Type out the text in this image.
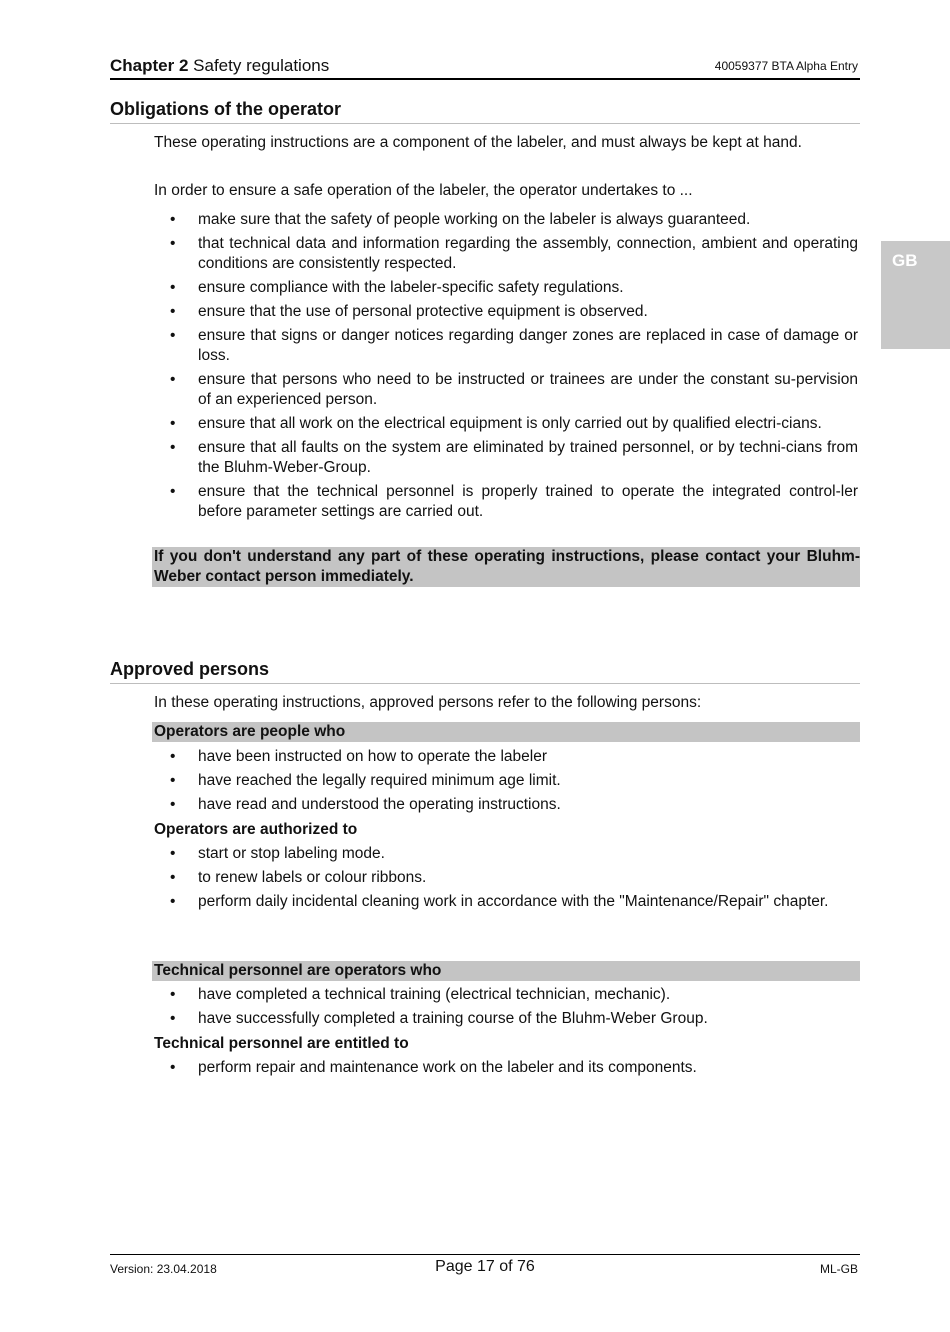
Chapter 2 Safety regulations	40059377 BTA Alpha Entry
GB
Obligations of the operator

These operating instructions are a component of the labeler, and must always be kept at hand.

In order to ensure a safe operation of the labeler, the operator undertakes to ...

• make sure that the safety of people working on the labeler is always guaranteed.
• that technical data and information regarding the assembly, connection, ambient and operating conditions are consistently respected.
• ensure compliance with the labeler-specific safety regulations.
• ensure that the use of personal protective equipment is observed.
• ensure that signs or danger notices regarding danger zones are replaced in case of damage or loss.
• ensure that persons who need to be instructed or trainees are under the constant su-pervision of an experienced person.
• ensure that all work on the electrical equipment is only carried out by qualified electri-cians.
• ensure that all faults on the system are eliminated by trained personnel, or by techni-cians from the Bluhm-Weber-Group.
• ensure that the technical personnel is properly trained to operate the integrated control-ler before parameter settings are carried out.
If you don't understand any part of these operating instructions, please contact your Bluhm-Weber contact person immediately.
Approved persons

In these operating instructions, approved persons refer to the following persons:

Operators are people who
• have been instructed on how to operate the labeler
• have reached the legally required minimum age limit.
• have read and understood the operating instructions.
Operators are authorized to
• start or stop labeling mode.
• to renew labels or colour ribbons.
• perform daily incidental cleaning work in accordance with the "Maintenance/Repair" chapter.
Technical personnel are operators who
• have completed a technical training (electrical technician, mechanic).
• have successfully completed a training course of the Bluhm-Weber Group.
Technical personnel are entitled to
• perform repair and maintenance work on the labeler and its components.
Version: 23.04.2018	Page 17 of 76	ML-GB
